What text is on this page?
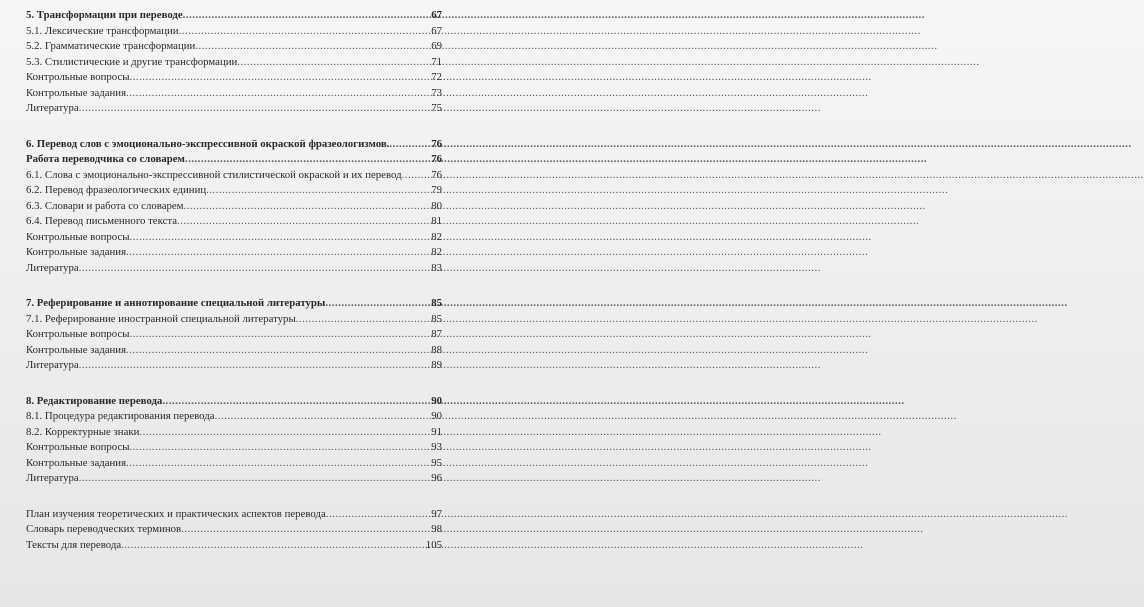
5. Трансформации при переводе .....	67
5.1. Лексические трансформации .....	67
5.2. Грамматические трансформации .....	69
5.3. Стилистические и другие трансформации .....	71
Контрольные вопросы .....	72
Контрольные задания .....	73
Литература .....	75
6. Перевод слов с эмоционально-экспрессивной окраской фразеологизмов. .....	76
Работа переводчика со словарем .....	76
6.1. Слова с эмоционально-экспрессивной стилистической окраской и их перевод .....	76
6.2. Перевод фразеологических единиц .....	79
6.3. Словари и работа со словарем .....	80
6.4. Перевод письменного текста .....	81
Контрольные вопросы .....	82
Контрольные задания .....	82
Литература .....	83
7. Реферирование и аннотирование специальной литературы .....	85
7.1. Реферирование иностранной специальной литературы .....	85
Контрольные вопросы .....	87
Контрольные задания .....	88
Литература .....	89
8. Редактирование перевода .....	90
8.1. Процедура редактирования перевода .....	90
8.2. Корректурные знаки .....	91
Контрольные вопросы .....	93
Контрольные задания .....	95
Литература .....	96
План изучения теоретических и практических аспектов перевода .....	97
Словарь переводческих терминов .....	98
Тексты для перевода .....	105
